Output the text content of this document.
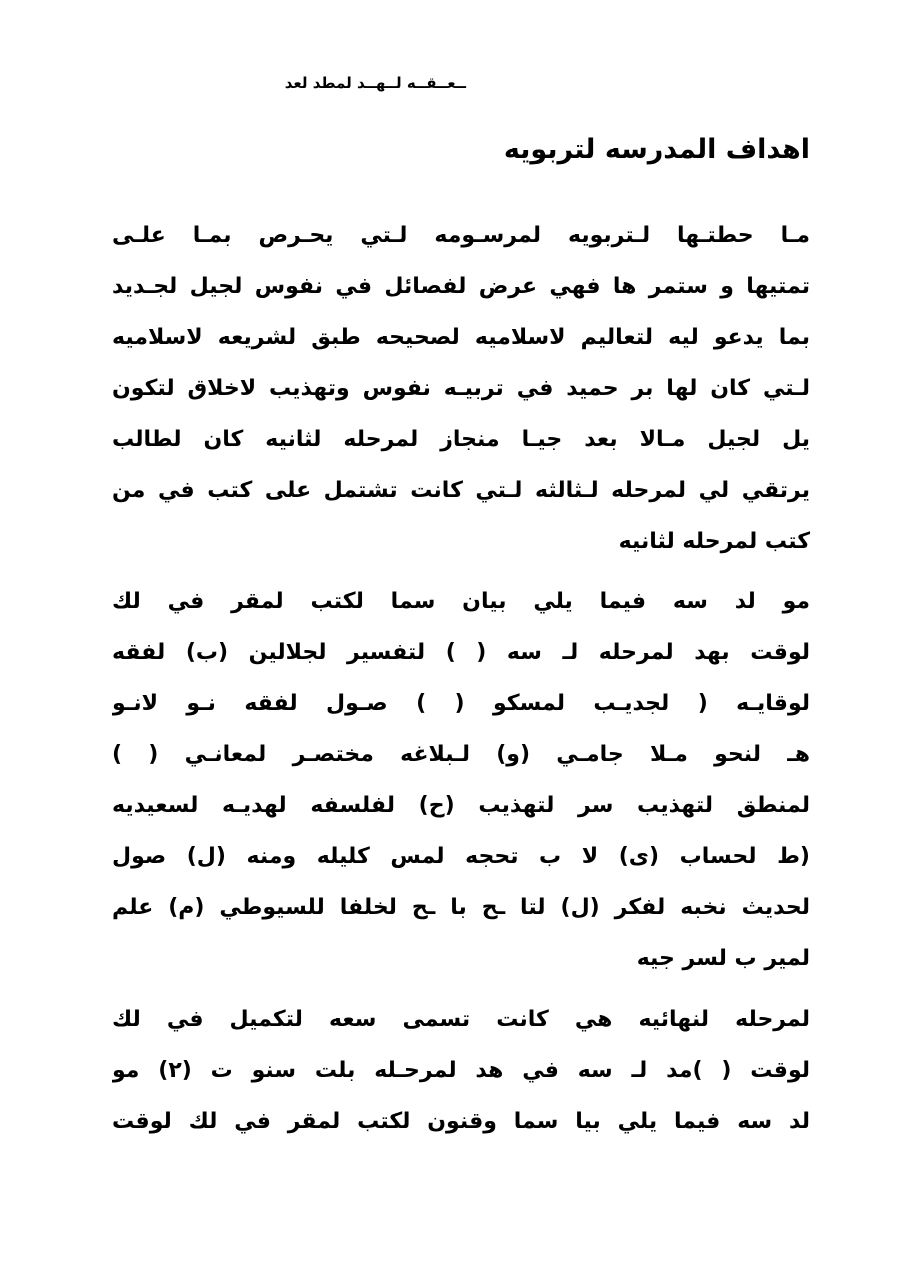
ــعــقــه لــهــد لمطد لعد
اهداف المدرسه لتربويه
مـا حطتـها لـتربويه لمرسـومه لـتي يحـرص بمـا علـى
تمتيها و ستمر ها فهي عرض لفصائل في نفوس لجيل لجـديد
بما يدعو ليه لتعاليم لاسلاميه لصحيحه طبق لشريعه لاسلاميه
لـتي كان لها بر حميد في تربيـه نفوس وتهذيب لاخلاق لتكون
يل لجيل مـالا بعد جيـا منجاز لمرحله لثانيه كان لطالب
يرتقي لي لمرحله لـثالثه لـتي كانت تشتمل على كتب في من
كتب لمرحله لثانيه
مو لد سه فيما يلي بيان سما لكتب لمقر في لك
لوقت بهد لمرحله لـ سه ( ) لتفسير لجلالين (ب) لفقه
لوقايـه ( لجديـب لمسكو ( ) صـول لفقه نـو لانـو
هـ لنحو مـلا جامـي (و) لـبلاغه مختصـر لمعانـي ( )
لمنطق لتهذيب سر لتهذيب (ح) لفلسفه لهديـه لسعيديه
(ط لحساب (ى) لا ب تحجه لمس كليله ومنه (ل) صول
لحديث نخبه لفكر (ل) لتا ـح با ـح لخلفا للسيوطي (م) علم
لمير ب لسر جيه
لمرحله لنهائيه هي كانت تسمى سعه لتكميل في لك
لوقت ( )مد لـ سه في هد لمرحـله بلت سنو ت (٢) مو
لد سه فيما يلي بيا سما وقنون لكتب لمقر في لك لوقت
